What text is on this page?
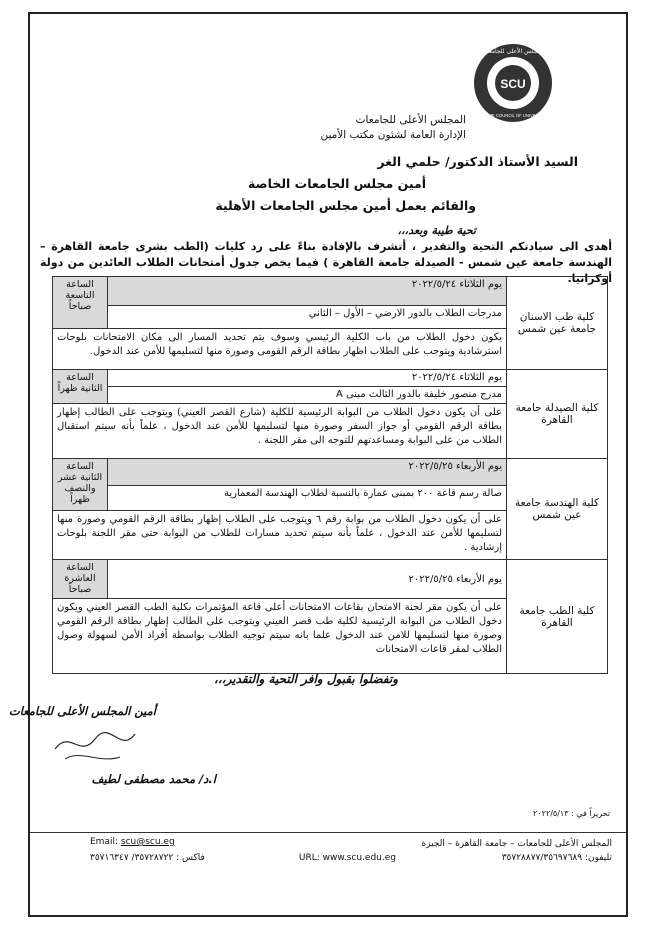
SCU
SUPREME COUNCIL OF UNIVERSITIES
المجلس الأعلى للجامعات
المجلس الأعلى للجامعات
الإدارة العامة لشئون مكتب الأمين
السيد الأستاذ الدكتور/ حلمي الغر
أمين مجلس الجامعات الخاصة
والقائم بعمل أمين مجلس الجامعات الأهلية
تحية طيبة وبعد،،،
أهدى الى سيادتكم التحية والتقدير ، أتشرف بالإفادة بناءً على رد كليات (الطب بشرى جامعة القاهرة – الهندسة جامعة عين شمس - الصيدلة جامعة القاهرة ) فيما يخص جدول أمتحانات الطلاب العائدين من دولة أوكرانيا.
كلية طب الاسنان جامعة عين شمس	يوم الثلاثاء ٢٠٢٢/٥/٢٤	الساعة التاسعة صباحاً
	مدرجات الطلاب بالدور الارضي – الأول – الثاني	
	يكون دخول الطلاب من باب الكلية الرئيسي وسوف يتم تحديد المسار الى مكان الامتحانات بلوحات استرشادية ويتوجب على الطلاب اظهار بطاقة الرقم القومى وصورة منها لتسليمها للأمن عند الدخول.	
كلية الصيدلة جامعة القاهرة	يوم الثلاثاء ٢٠٢٢/٥/٢٤	الساعة الثانية ظهراً
	مدرج منصور خليفة بالدور الثالث مبنى A	
	على أن يكون دخول الطلاب من البوابة الرئيسية للكلية (شارع القصر العيني) ويتوجب على الطالب إظهار بطاقة الرقم القومي أو جواز السفر وصورة منها لتسليمها للأمن عند الدخول ، علماً بأنه سيتم استقبال الطلاب من على البوابة ومساعدتهم للتوجه الى مقر اللجنة .	
كلية الهندسة جامعة عين شمس	يوم الأربعاء ٢٠٢٢/٥/٢٥	الساعة الثانية عشر والنصف ظهراً
	صالة رسم قاعة ٢٠٠ بمبنى عمارة بالنسبة لطلاب الهندسة المعمارية	
	على أن يكون دخول الطلاب من بوابة رقم ٦ ويتوجب على الطلاب إظهار بطاقة الرقم القومي وصورة منها لتسليمها للأمن عند الدخول ، علماً بأنه سيتم تحديد مسارات للطلاب من البوابة حتى مقر اللجنة بلوحات إرشادية .	
كلية الطب جامعة القاهرة	يوم الأربعاء ٢٠٢٢/٥/٢٥	الساعة العاشرة صباحاً
	على أن يكون مقر لجنة الامتحان بقاعات الامتحانات أعلى قاعة المؤتمرات بكلية الطب القصر العيني ويكون دخول الطلاب من البوابة الرئيسية لكلية طب قصر العيني ويتوجب على الطالب إظهار بطاقة الرقم القومي وصورة منها لتسليمها للامن عند الدخول علما بانه سيتم توجيه الطلاب بواسطة أفراد الأمن لسهولة وصول الطلاب لمقر قاعات الامتحانات	
وتفضلوا بقبول وافر التحية والتقدير،،،
أمين المجلس الأعلى للجامعات
ا.د/ محمد مصطفى لطيف
تحريراً في : ٢٠٢٢/٥/١٣
المجلس الأعلى للجامعات – جامعة القاهرة – الجيزة
تليفون: ٣٥٧٢٨٨٧٧/٣٥٦٩٧٦٨٩
URL: www.scu.edu.eg
فاكس : ٣٥٧٢٨٧٢٢/ ٣٥٧١٦٣٤٧
Email: scu@scu.eg
